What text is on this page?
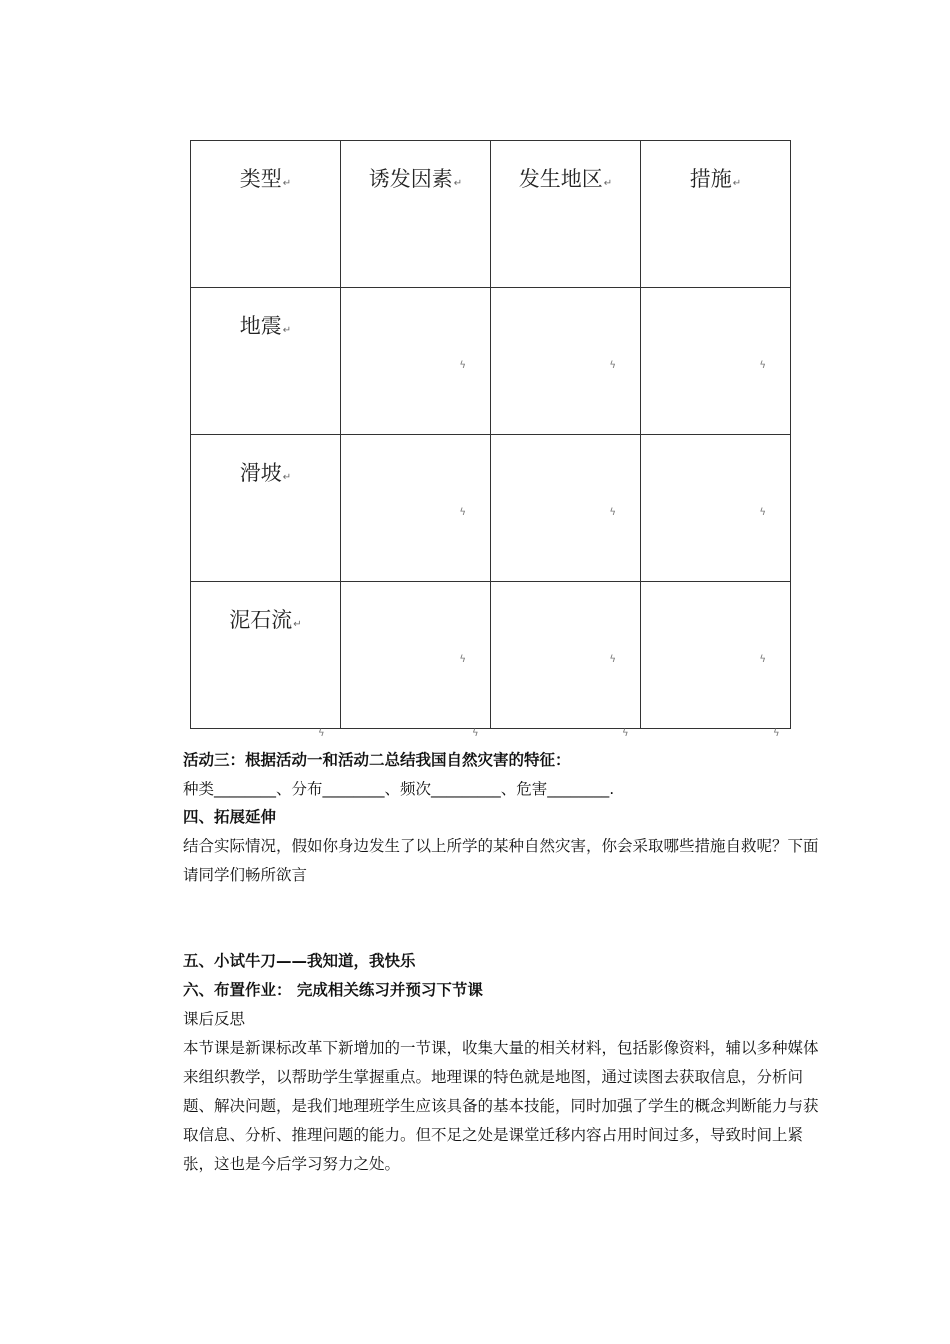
类型↵	诱发因素↵	发生地区↵	措施↵

地震↵	ϟ	ϟ	ϟ

滑坡↵	ϟ	ϟ	ϟ

泥石流↵	ϟ	ϟ	ϟ
ϟ	ϟ	ϟ	ϟ
活动三：根据活动一和活动二总结我国自然灾害的特征：
种类________、分布________、频次_________、危害________.
四、拓展延伸
结合实际情况，假如你身边发生了以上所学的某种自然灾害，你会采取哪些措施自救呢？下面请同学们畅所欲言
五、小试牛刀——我知道，我快乐
六、布置作业： 完成相关练习并预习下节课
课后反思
本节课是新课标改革下新增加的一节课，收集大量的相关材料，包括影像资料，辅以多种媒体来组织教学，以帮助学生掌握重点。地理课的特色就是地图，通过读图去获取信息，分析问题、解决问题，是我们地理班学生应该具备的基本技能，同时加强了学生的概念判断能力与获取信息、分析、推理问题的能力。但不足之处是课堂迁移内容占用时间过多，导致时间上紧张，这也是今后学习努力之处。
